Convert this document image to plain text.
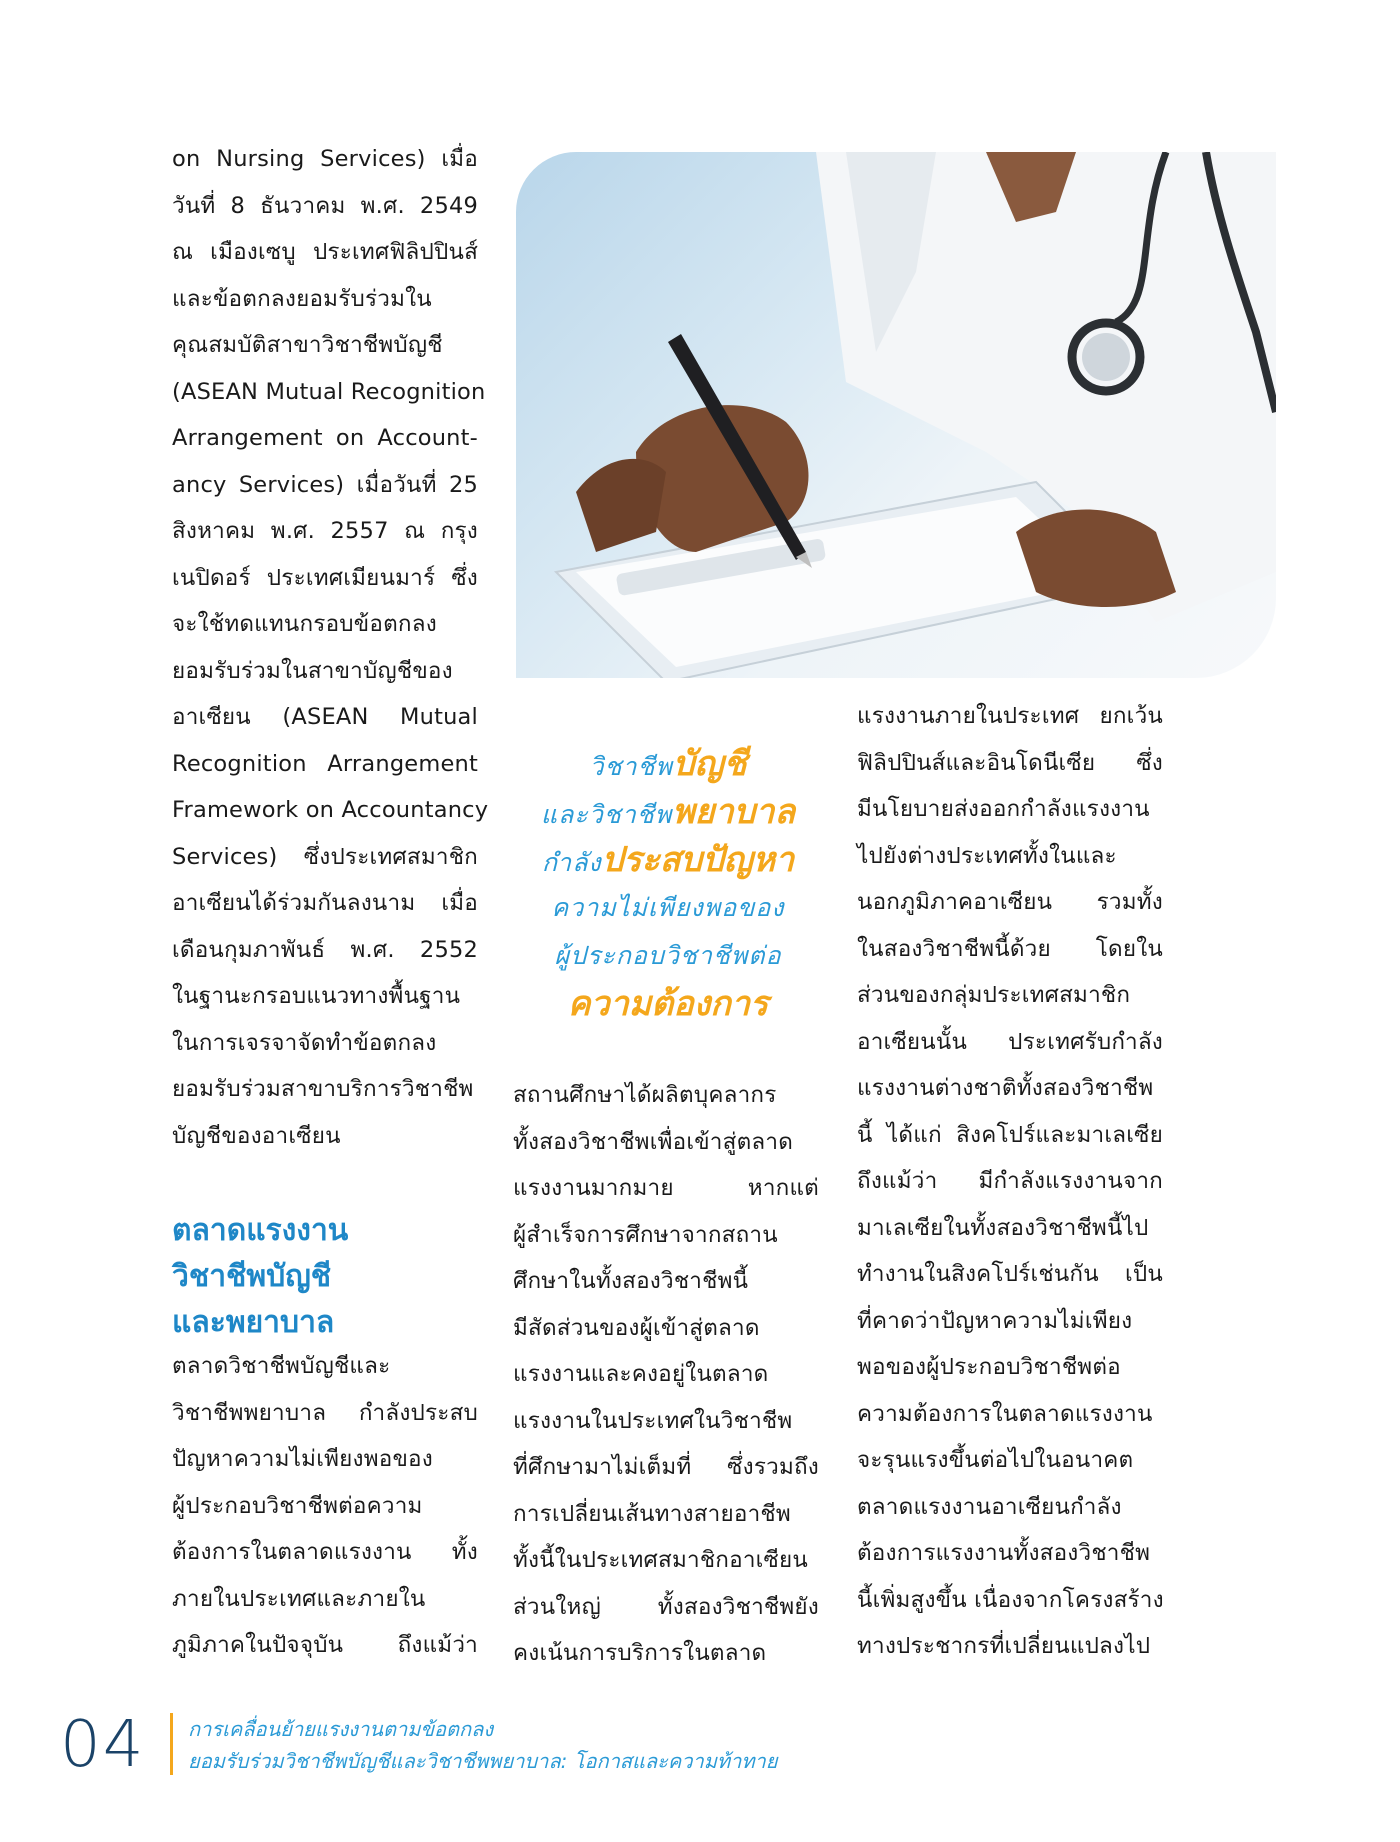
on Nursing Services) เมื่อ
วันที่ 8 ธันวาคม พ.ศ. 2549
ณ เมืองเซบู ประเทศฟิลิปปินส์
และข้อตกลงยอมรับร่วมใน
คุณสมบัติสาขาวิชาชีพบัญชี
(ASEAN Mutual Recognition
Arrangement on Account-
ancy Services) เมื่อวันที่ 25
สิงหาคม พ.ศ. 2557 ณ กรุง
เนปิดอร์ ประเทศเมียนมาร์ ซึ่ง
จะใช้ทดแทนกรอบข้อตกลง
ยอมรับร่วมในสาขาบัญชีของ
อาเซียน (ASEAN Mutual
Recognition Arrangement
Framework on Accountancy
Services) ซึ่งประเทศสมาชิก
อาเซียนได้ร่วมกันลงนาม เมื่อ
เดือนกุมภาพันธ์ พ.ศ. 2552
ในฐานะกรอบแนวทางพื้นฐาน
ในการเจรจาจัดทำข้อตกลง
ยอมรับร่วมสาขาบริการวิชาชีพ
บัญชีของอาเซียน
ตลาดแรงงาน
วิชาชีพบัญชี
และพยาบาล
ตลาดวิชาชีพบัญชีและ
วิชาชีพพยาบาล กำลังประสบ
ปัญหาความไม่เพียงพอของ
ผู้ประกอบวิชาชีพต่อความ
ต้องการในตลาดแรงงาน ทั้ง
ภายในประเทศและภายใน
ภูมิภาคในปัจจุบัน ถึงแม้ว่า
วิชาชีพบัญชี
และวิชาชีพพยาบาล
กำลังประสบปัญหา
ความไม่เพียงพอของ
ผู้ประกอบวิชาชีพต่อ
ความต้องการ
สถานศึกษาได้ผลิตบุคลากร
ทั้งสองวิชาชีพเพื่อเข้าสู่ตลาด
แรงงานมากมาย หากแต่
ผู้สำเร็จการศึกษาจากสถาน
ศึกษาในทั้งสองวิชาชีพนี้
มีสัดส่วนของผู้เข้าสู่ตลาด
แรงงานและคงอยู่ในตลาด
แรงงานในประเทศในวิชาชีพ
ที่ศึกษามาไม่เต็มที่ ซึ่งรวมถึง
การเปลี่ยนเส้นทางสายอาชีพ
ทั้งนี้ในประเทศสมาชิกอาเซียน
ส่วนใหญ่ ทั้งสองวิชาชีพยัง
คงเน้นการบริการในตลาด
แรงงานภายในประเทศ ยกเว้น
ฟิลิปปินส์และอินโดนีเซีย ซึ่ง
มีนโยบายส่งออกกำลังแรงงาน
ไปยังต่างประเทศทั้งในและ
นอกภูมิภาคอาเซียน รวมทั้ง
ในสองวิชาชีพนี้ด้วย โดยใน
ส่วนของกลุ่มประเทศสมาชิก
อาเซียนนั้น ประเทศรับกำลัง
แรงงานต่างชาติทั้งสองวิชาชีพ
นี้ ได้แก่ สิงคโปร์และมาเลเซีย
ถึงแม้ว่า มีกำลังแรงงานจาก
มาเลเซียในทั้งสองวิชาชีพนี้ไป
ทำงานในสิงคโปร์เช่นกัน เป็น
ที่คาดว่าปัญหาความไม่เพียง
พอของผู้ประกอบวิชาชีพต่อ
ความต้องการในตลาดแรงงาน
จะรุนแรงขึ้นต่อไปในอนาคต
ตลาดแรงงานอาเซียนกำลัง
ต้องการแรงงานทั้งสองวิชาชีพ
นี้เพิ่มสูงขึ้น เนื่องจากโครงสร้าง
ทางประชากรที่เปลี่ยนแปลงไป
04 การเคลื่อนย้ายแรงงานตามข้อตกลง
ยอมรับร่วมวิชาชีพบัญชีและวิชาชีพพยาบาล: โอกาสและความท้าทาย
